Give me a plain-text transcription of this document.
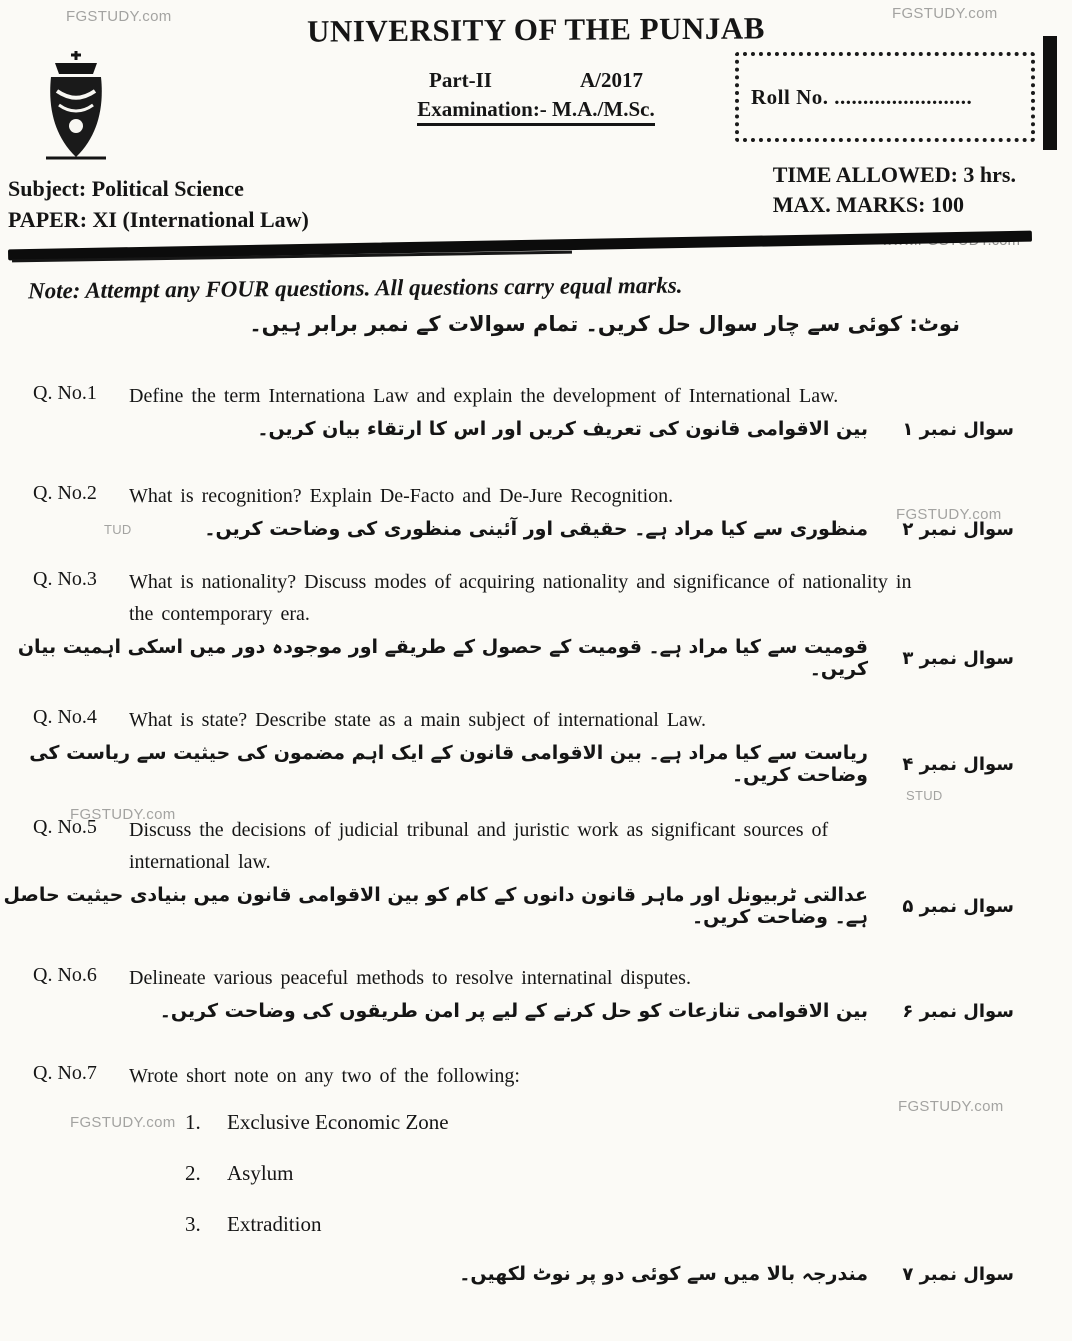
FGSTUDY.com	FGSTUDY.com
FGSTUDY.com
FGSTUDY.com
FGSTUDY.com
FGSTUDY.com
TUD
STUD
UNIVERSITY OF THE PUNJAB
Part-II	A/2017
Examination:- M.A./M.Sc.
Roll No. ........................
Subject: Political Science
PAPER: XI (International Law)
TIME ALLOWED: 3 hrs.
MAX. MARKS: 100
Note: Attempt any FOUR questions. All questions carry equal marks.
نوٹ: کوئی سے چار سوال حل کریں۔ تمام سوالات کے نمبر برابر ہیں۔
Q. No.1	Define the term Internationa Law and explain the development of International Law.

بین الاقوامی قانون کی تعریف کریں اور اس کا ارتقاء بیان کریں۔	سوال نمبر ۱
Q. No.2	What is recognition? Explain De-Facto and De-Jure Recognition.

منظوری سے کیا مراد ہے۔ حقیقی اور آئینی منظوری کی وضاحت کریں۔	سوال نمبر ۲
Q. No.3	What is nationality? Discuss modes of acquiring nationality and significance of nationality in the contemporary era.

قومیت سے کیا مراد ہے۔ قومیت کے حصول کے طریقے اور موجودہ دور میں اسکی اہمیت بیان کریں۔	سوال نمبر ۳
Q. No.4	What is state? Describe state as a main subject of international Law.

ریاست سے کیا مراد ہے۔ بین الاقوامی قانون کے ایک اہم مضمون کی حیثیت سے ریاست کی وضاحت کریں۔	سوال نمبر ۴
Q. No.5	Discuss the decisions of judicial tribunal and juristic work as significant sources of international law.

عدالتی ٹربیونل اور ماہر قانون دانوں کے کام کو بین الاقوامی قانون میں بنیادی حیثیت حاصل ہے۔ وضاحت کریں۔	سوال نمبر ۵
Q. No.6	Delineate various peaceful methods to resolve internatinal disputes.

بین الاقوامی تنازعات کو حل کرنے کے لیے پر امن طریقوں کی وضاحت کریں۔	سوال نمبر ۶
Q. No.7	Wrote short note on any two of the following:

1. Exclusive Economic Zone
2. Asylum
3. Extradition
مندرجہ بالا میں سے کوئی دو پر نوٹ لکھیں۔	سوال نمبر ۷
